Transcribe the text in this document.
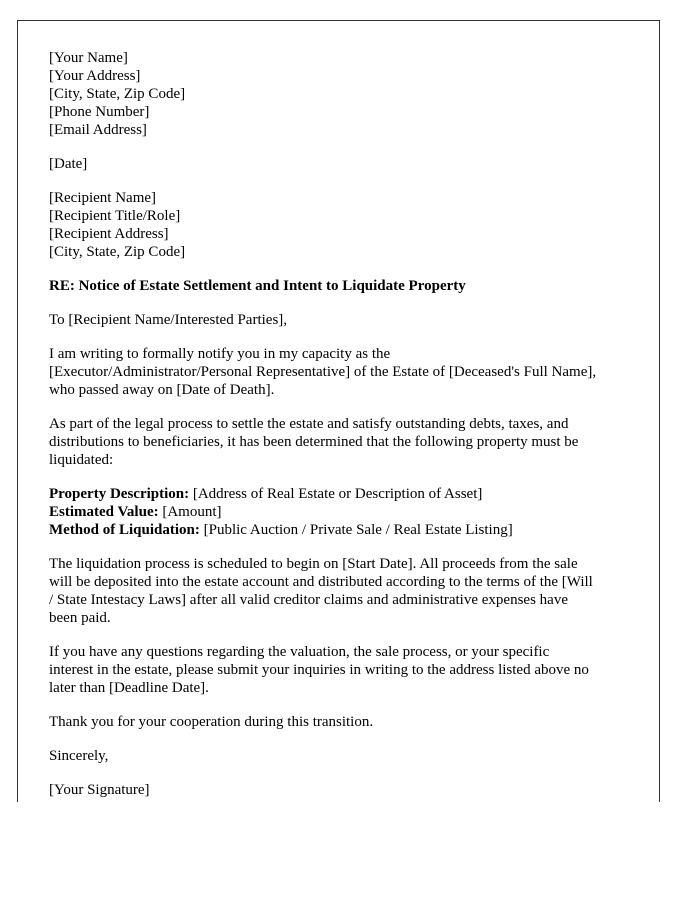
[Your Name]
[Your Address]
[City, State, Zip Code]
[Phone Number]
[Email Address]
[Date]
[Recipient Name]
[Recipient Title/Role]
[Recipient Address]
[City, State, Zip Code]

RE: Notice of Estate Settlement and Intent to Liquidate Property

To [Recipient Name/Interested Parties],

I am writing to formally notify you in my capacity as the
[Executor/Administrator/Personal Representative] of the Estate of [Deceased's Full Name],
who passed away on [Date of Death].
As part of the legal process to settle the estate and satisfy outstanding debts, taxes, and
distributions to beneficiaries, it has been determined that the following property must be
liquidated:
Property Description: [Address of Real Estate or Description of Asset]
Estimated Value: [Amount]
Method of Liquidation: [Public Auction / Private Sale / Real Estate Listing]
The liquidation process is scheduled to begin on [Start Date]. All proceeds from the sale
will be deposited into the estate account and distributed according to the terms of the [Will
/ State Intestacy Laws] after all valid creditor claims and administrative expenses have
been paid.
If you have any questions regarding the valuation, the sale process, or your specific
interest in the estate, please submit your inquiries in writing to the address listed above no
later than [Deadline Date].

Thank you for your cooperation during this transition.

Sincerely,

[Your Signature]
